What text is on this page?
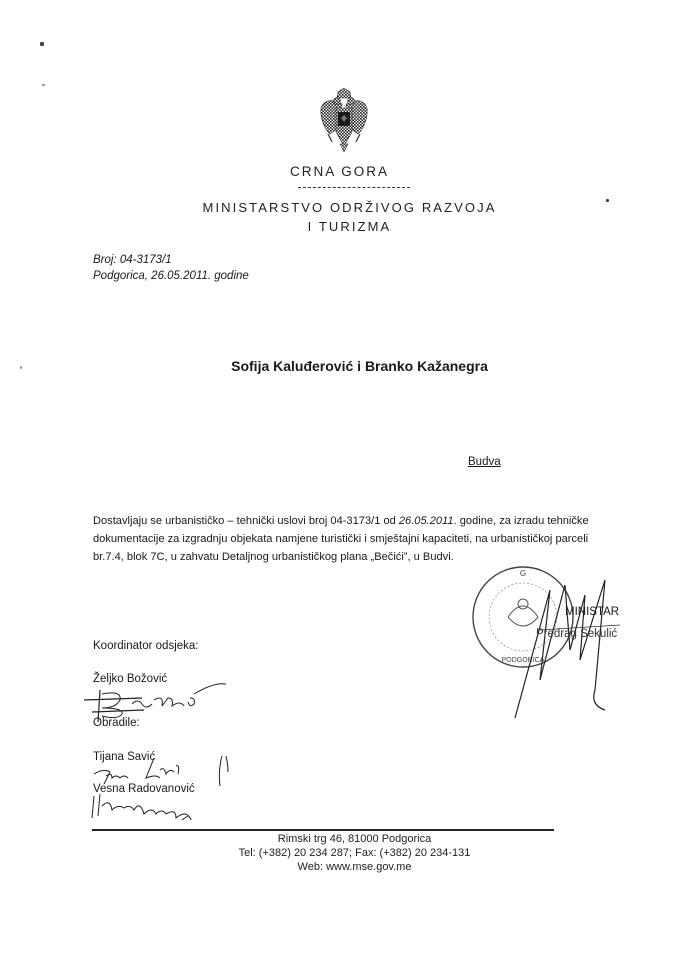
CRNA GORA
MINISTARSTVO ODRŽIVOG RAZVOJA
I TURIZMA
Broj: 04-3173/1
Podgorica, 26.05.2011. godine
Sofija Kaluđerović i Branko Kažanegra
Budva
Dostavljaju se urbanističko – tehnički uslovi broj 04-3173/1 od 26.05.2011. godine, za izradu tehničke
dokumentacije za izgradnju objekata namjene turistički i smještajni kapaciteti, na urbanističkoj parceli
br.7.4, blok 7C, u zahvatu Detaljnog urbanističkog plana „Bečići”, u Budvi.
G
PODGORICA
MINISTAR
Predrag Sekulić
Koordinator odsjeka:
Željko Božović
Obradile:
Tijana Savić
Vesna Radovanović
Rimski trg 46, 81000 Podgorica
Tel: (+382) 20 234 287; Fax: (+382) 20 234-131
Web: www.mse.gov.me
